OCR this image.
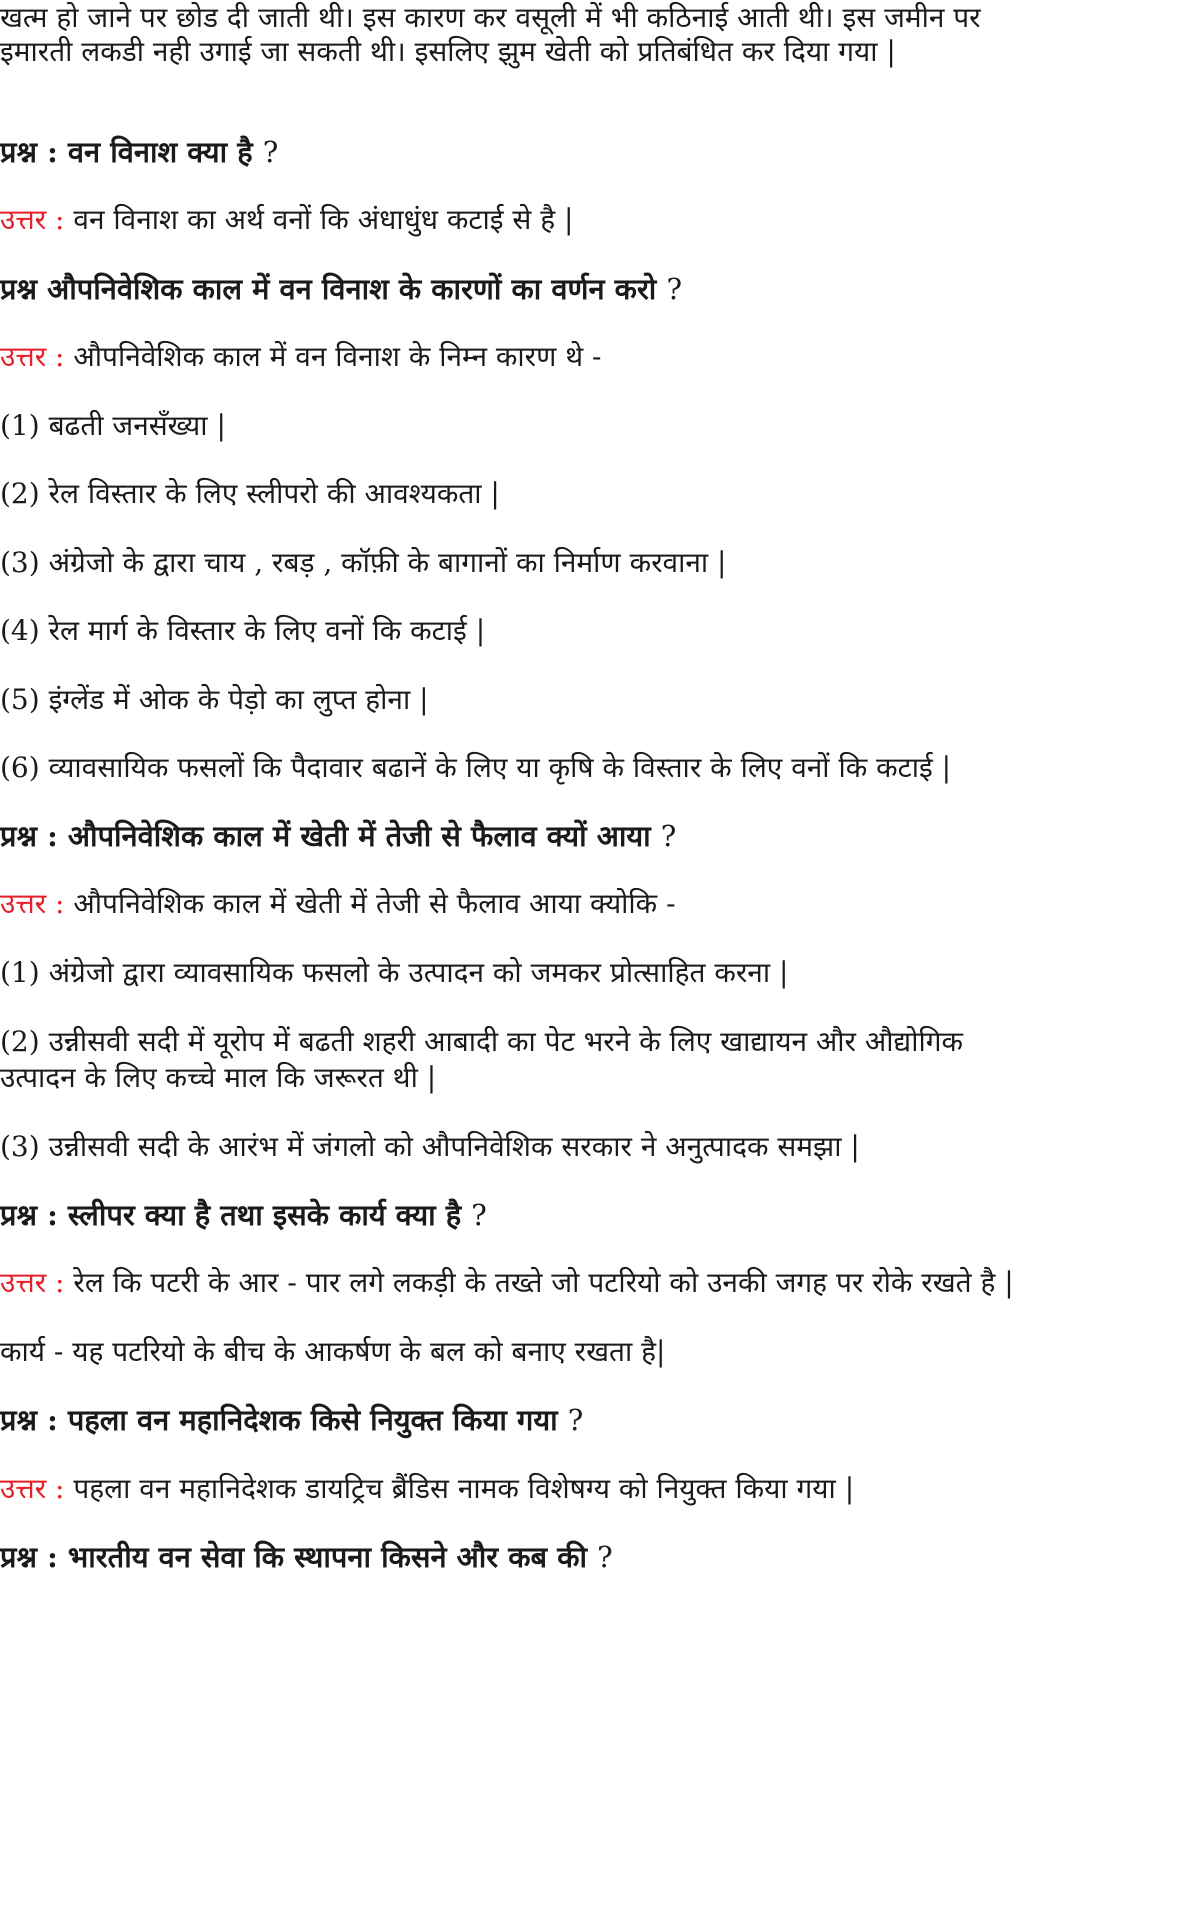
खत्म हो जाने पर छोड दी जाती थी। इस कारण कर वसूली में भी कठिनाई आती थी। इस जमीन पर
इमारती लकडी नही उगाई जा सकती थी। इसलिए झुम खेती को प्रतिबंधित कर दिया गया |
प्रश्न : वन विनाश क्या है ?
उत्तर : वन विनाश का अर्थ वनों कि अंधाधुंध कटाई से है |
प्रश्न औपनिवेशिक काल में वन विनाश के कारणों का वर्णन करो ?
उत्तर : औपनिवेशिक काल में वन विनाश के निम्न कारण थे -
(1) बढती जनसँख्या |
(2) रेल विस्तार के लिए स्लीपरो की आवश्यकता |
(3) अंग्रेजो के द्वारा चाय , रबड़ , कॉफ़ी के बागानों का निर्माण करवाना |
(4) रेल मार्ग के विस्तार के लिए वनों कि कटाई |
(5) इंग्लेंड में ओक के पेड़ो का लुप्त होना |
(6) व्यावसायिक फसलों कि पैदावार बढानें के लिए या कृषि के विस्तार के लिए वनों कि कटाई |
प्रश्न : औपनिवेशिक काल में खेती में तेजी से फैलाव क्यों आया ?
उत्तर : औपनिवेशिक काल में खेती में तेजी से फैलाव आया क्योकि -
(1) अंग्रेजो द्वारा व्यावसायिक फसलो के उत्पादन को जमकर प्रोत्साहित करना |
(2) उन्नीसवी सदी में यूरोप में बढती शहरी आबादी का पेट भरने के लिए खाद्यायन और औद्योगिक
उत्पादन के लिए कच्चे माल कि जरूरत थी |
(3) उन्नीसवी सदी के आरंभ में जंगलो को औपनिवेशिक सरकार ने अनुत्पादक समझा |
प्रश्न : स्लीपर क्या है तथा इसके कार्य क्या है ?
उत्तर : रेल कि पटरी के आर - पार लगे लकड़ी के तख्ते जो पटरियो को उनकी जगह पर रोके रखते है |
कार्य - यह पटरियो के बीच के आकर्षण के बल को बनाए रखता है|
प्रश्न : पहला वन महानिदेशक किसे नियुक्त किया गया ?
उत्तर : पहला वन महानिदेशक डायट्रिच ब्रैंडिस नामक विशेषग्य को नियुक्त किया गया |
प्रश्न : भारतीय वन सेवा कि स्थापना किसने और कब की ?
